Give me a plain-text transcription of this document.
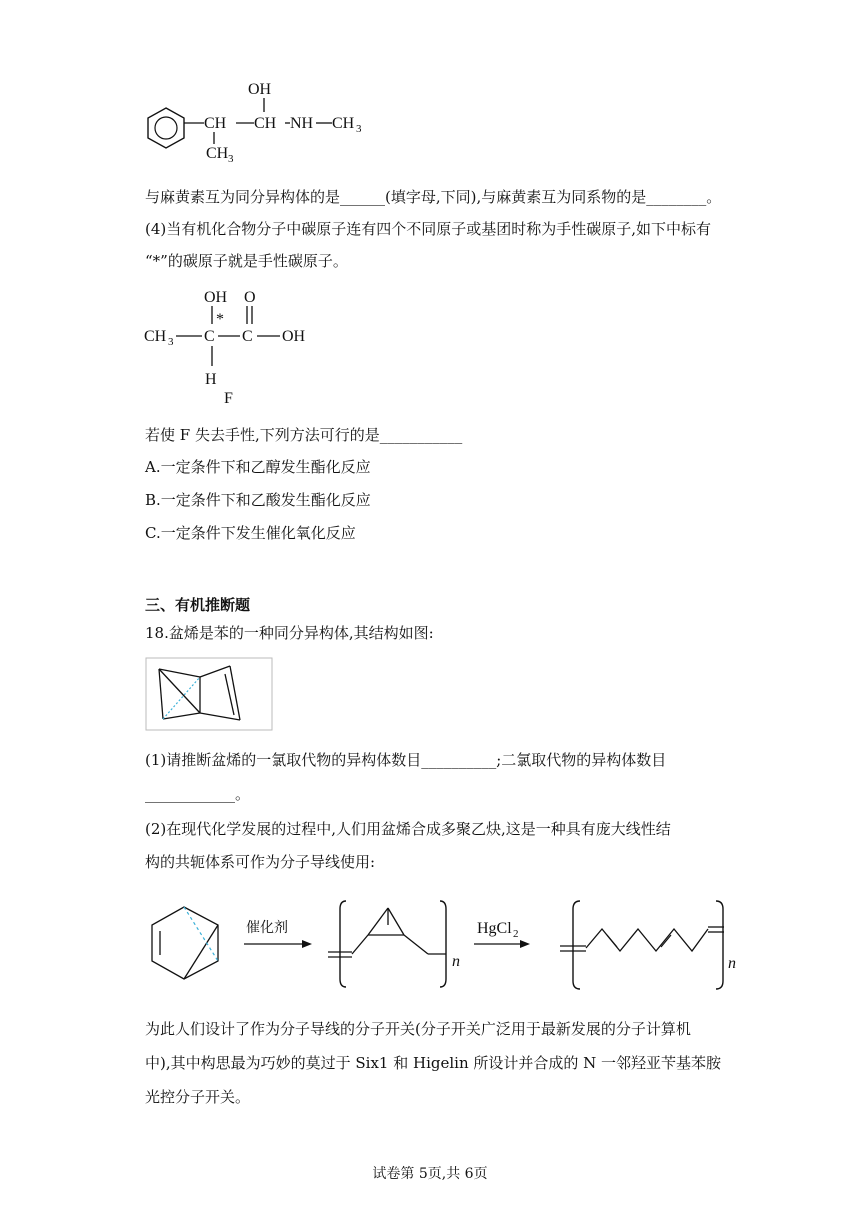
CH CH
OH
NH CH 3
CH 3
与麻黄素互为同分异构体的是______(填字母,下同),与麻黄素互为同系物的是________。
(4)当有机化合物分子中碳原子连有四个不同原子或基团时称为手性碳原子,如下中标有
“*”的碳原子就是手性碳原子。
OH
*
O
CH 3 C C OH
H
F
若使 F 失去手性,下列方法可行的是___________
A.一定条件下和乙醇发生酯化反应
B.一定条件下和乙酸发生酯化反应
C.一定条件下发生催化氧化反应
三、有机推断题
18.盆烯是苯的一种同分异构体,其结构如图:
(1)请推断盆烯的一氯取代物的异构体数目__________;二氯取代物的异构体数目
____________。
(2)在现代化学发展的过程中,人们用盆烯合成多聚乙炔,这是一种具有庞大线性结
构的共轭体系可作为分子导线使用:
催化剂
n
HgCl 2
n
为此人们设计了作为分子导线的分子开关(分子开关广泛用于最新发展的分子计算机
中),其中构思最为巧妙的莫过于 Six1 和 Higelin 所设计并合成的 N 一邻羟亚苄基苯胺
光控分子开关。
试卷第 5页,共 6页
